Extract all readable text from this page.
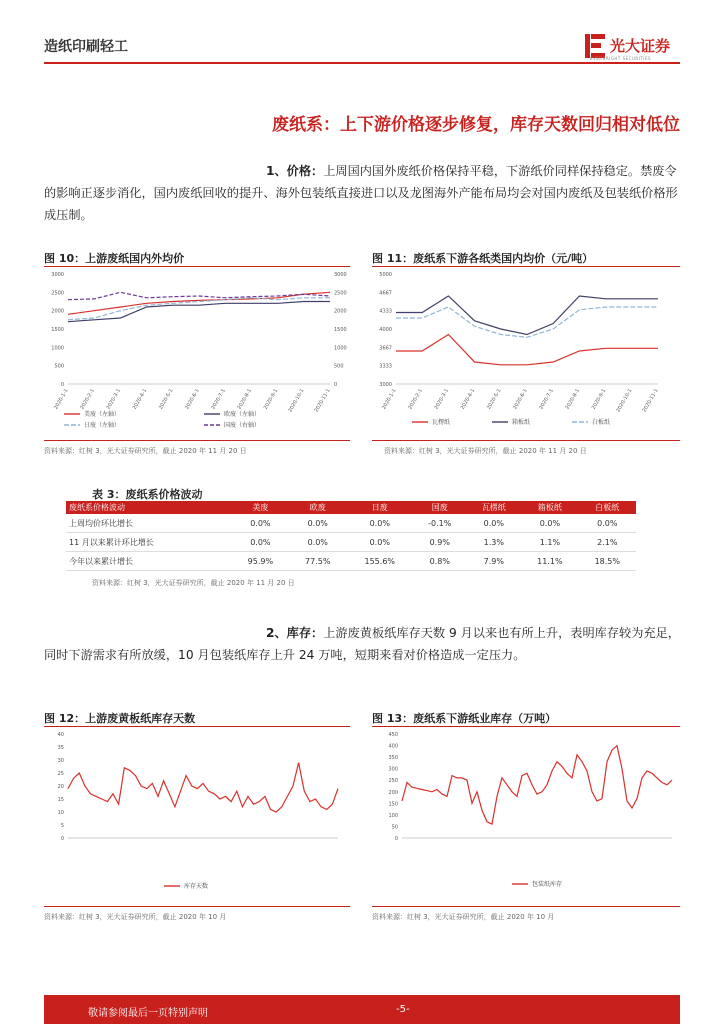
造纸印刷轻工	光大证券
EVERBRIGHT SECURITIES
废纸系：上下游价格逐步修复，库存天数回归相对低位
1、价格：上周国内国外废纸价格保持平稳，下游纸价同样保持稳定。禁废令的影响正逐步消化，国内废纸回收的提升、海外包装纸直接进口以及龙图海外产能布局均会对国内废纸及包装纸价格形成压制。
图 10：上游废纸国内外均价
0
500
1000
1500
2000
2500
3000
0
500
1000
1500
2000
2500
3000
2020-1-1 2020-2-1 2020-3-1 2020-4-1 2020-5-1 2020-6-1 2020-7-1 2020-8-1 2020-9-1 2020-10-1 2020-11-1
美废（左轴）	欧废（左轴）
日废（左轴）	国废（右轴）
资料来源：红树 3，光大证券研究所，截止 2020 年 11 月 20 日
图 11：废纸系下游各纸类国内均价（元/吨）
3000
3333
3667
4000
4333
4667
5000
2020-1-1 2020-2-1 2020-3-1 2020-4-1 2020-5-1 2020-6-1 2020-7-1 2020-8-1 2020-9-1 2020-10-1 2020-11-1
瓦楞纸	箱板纸	白板纸
资料来源：红树 3，光大证券研究所，截止 2020 年 11 月 20 日
表 3：废纸系价格波动
废纸系价格波动	美废	欧废	日废	国废	瓦楞纸	箱板纸	白板纸
上周均价环比增长	0.0%	0.0%	0.0%	-0.1%	0.0%	0.0%	0.0%
11 月以来累计环比增长	0.0%	0.0%	0.0%	0.9%	1.3%	1.1%	2.1%
今年以来累计增长	95.9%	77.5%	155.6%	0.8%	7.9%	11.1%	18.5%
资料来源：红树 3，光大证券研究所，截止 2020 年 11 月 20 日
2、库存：上游废黄板纸库存天数 9 月以来也有所上升，表明库存较为充足，同时下游需求有所放缓，10 月包装纸库存上升 24 万吨，短期来看对价格造成一定压力。
图 12：上游废黄板纸库存天数
0
5
10
15
20
25
30
35
40
库存天数
资料来源：红树 3，光大证券研究所，截止 2020 年 10 月
图 13：废纸系下游纸业库存（万吨）
0
50
100
150
200
250
300
350
400
450
包装纸库存
资料来源：红树 3，光大证券研究所，截止 2020 年 10 月
敬请参阅最后一页特别声明	-5-
